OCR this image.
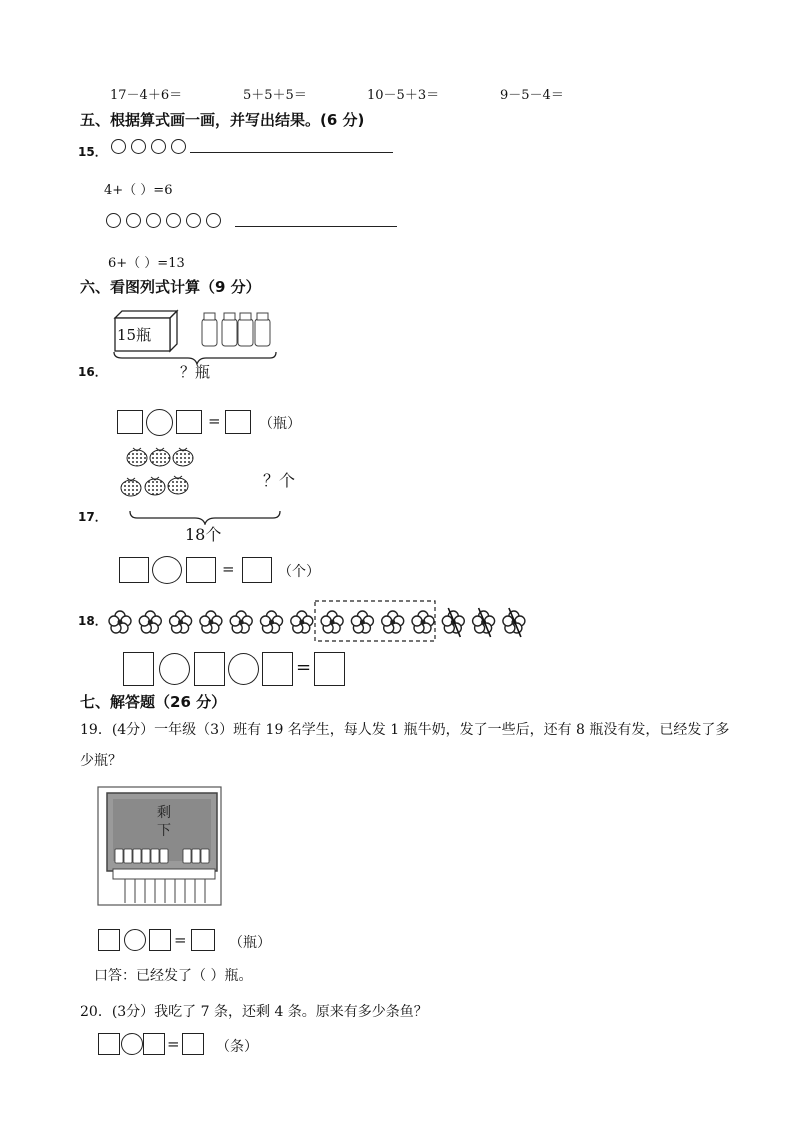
17－4＋6＝	5＋5＋5＝	10－5＋3＝	9－5－4＝
五、根据算式画一画，并写出结果。(6 分)
15．
4+（ ）=6
6+（ ）=13
六、看图列式计算（9 分）
16．
15瓶
？瓶
=	（瓶）
17．
？个
18个
=	（个）
18．
=
七、解答题（26 分）
19．(4分）一年级（3）班有 19 名学生，每人发 1 瓶牛奶，发了一些后，还有 8 瓶没有发，已经发了多
少瓶？
剩
下
=	（瓶）
口答：已经发了（ ）瓶。
20．(3分）我吃了 7 条，还剩 4 条。原来有多少条鱼？
=	（条）
